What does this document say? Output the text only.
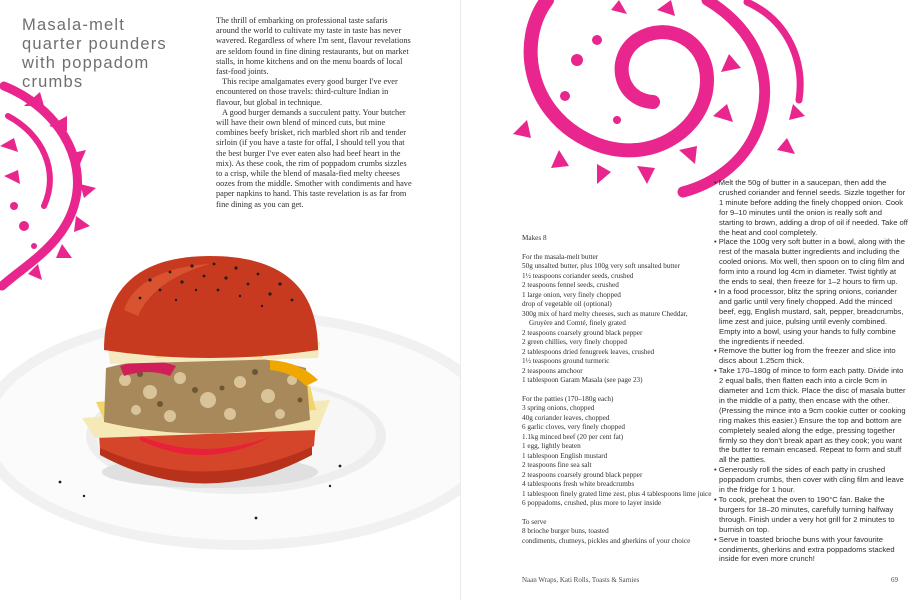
Masala-melt
quarter pounders
with poppadom crumbs

The thrill of embarking on professional taste safaris around the world to cultivate my taste in taste has never wavered. Regardless of where I'm sent, flavour revelations are seldom found in fine dining restaurants, but on market stalls, in home kitchens and on the menu boards of local fast-food joints.

This recipe amalgamates every good burger I've ever encountered on those travels: third-culture Indian in flavour, but global in technique.

A good burger demands a succulent patty. Your butcher will have their own blend of minced cuts, but mine combines beefy brisket, rich marbled short rib and tender sirloin (if you have a taste for offal, I should tell you that the best burger I've ever eaten also had beef heart in the mix). As these cook, the rim of poppadom crumbs sizzles to a crisp, while the blend of masala-fied melty cheeses oozes from the middle. Smother with condiments and have paper napkins to hand. This taste revelation is as far from fine dining as you can get.

Makes 8

For the masala-melt butter

50g unsalted butter, plus 100g very soft unsalted butter

1½ teaspoons coriander seeds, crushed

2 teaspoons fennel seeds, crushed

1 large onion, very finely chopped

drop of vegetable oil (optional)

300g mix of hard melty cheeses, such as mature Cheddar, Gruyère and Comté, finely grated

2 teaspoons coarsely ground black pepper

2 green chillies, very finely chopped

2 tablespoons dried fenugreek leaves, crushed

1½ teaspoons ground turmeric

2 teaspoons amchoor

1 tablespoon Garam Masala (see page 23)

For the patties (170–180g each)

3 spring onions, chopped

40g coriander leaves, chopped

6 garlic cloves, very finely chopped

1.1kg minced beef (20 per cent fat)

1 egg, lightly beaten

1 tablespoon English mustard

2 teaspoons fine sea salt

2 teaspoons coarsely ground black pepper

4 tablespoons fresh white breadcrumbs

1 tablespoon finely grated lime zest, plus 4 tablespoons lime juice

6 poppadoms, crushed, plus more to layer inside

To serve

8 brioche burger buns, toasted

condiments, chutneys, pickles and gherkins of your choice

• Melt the 50g of butter in a saucepan, then add the crushed coriander and fennel seeds. Sizzle together for 1 minute before adding the finely chopped onion. Cook for 9–10 minutes until the onion is really soft and starting to brown, adding a drop of oil if needed. Take off the heat and cool completely.

• Place the 100g very soft butter in a bowl, along with the rest of the masala butter ingredients and including the cooled onions. Mix well, then spoon on to cling film and form into a round log 4cm in diameter. Twist tightly at the ends to seal, then freeze for 1–2 hours to firm up.

• In a food processor, blitz the spring onions, coriander and garlic until very finely chopped. Add the minced beef, egg, English mustard, salt, pepper, breadcrumbs, lime zest and juice, pulsing until evenly combined. Empty into a bowl, using your hands to fully combine the ingredients if needed.

• Remove the butter log from the freezer and slice into discs about 1.25cm thick.

• Take 170–180g of mince to form each patty. Divide into 2 equal balls, then flatten each into a circle 9cm in diameter and 1cm thick. Place the disc of masala butter in the middle of a patty, then encase with the other. (Pressing the mince into a 9cm cookie cutter or cooking ring makes this easier.) Ensure the top and bottom are completely sealed along the edge, pressing together firmly so they don't break apart as they cook; you want the butter to remain encased. Repeat to form and stuff all the patties.

• Generously roll the sides of each patty in crushed poppadom crumbs, then cover with cling film and leave in the fridge for 1 hour.

• To cook, preheat the oven to 190°C fan. Bake the burgers for 18–20 minutes, carefully turning halfway through. Finish under a very hot grill for 2 minutes to burnish on top.

• Serve in toasted brioche buns with your favourite condiments, gherkins and extra poppadoms stacked inside for even more crunch!

Naan Wraps, Kati Rolls, Toasts & Sarnies	69
